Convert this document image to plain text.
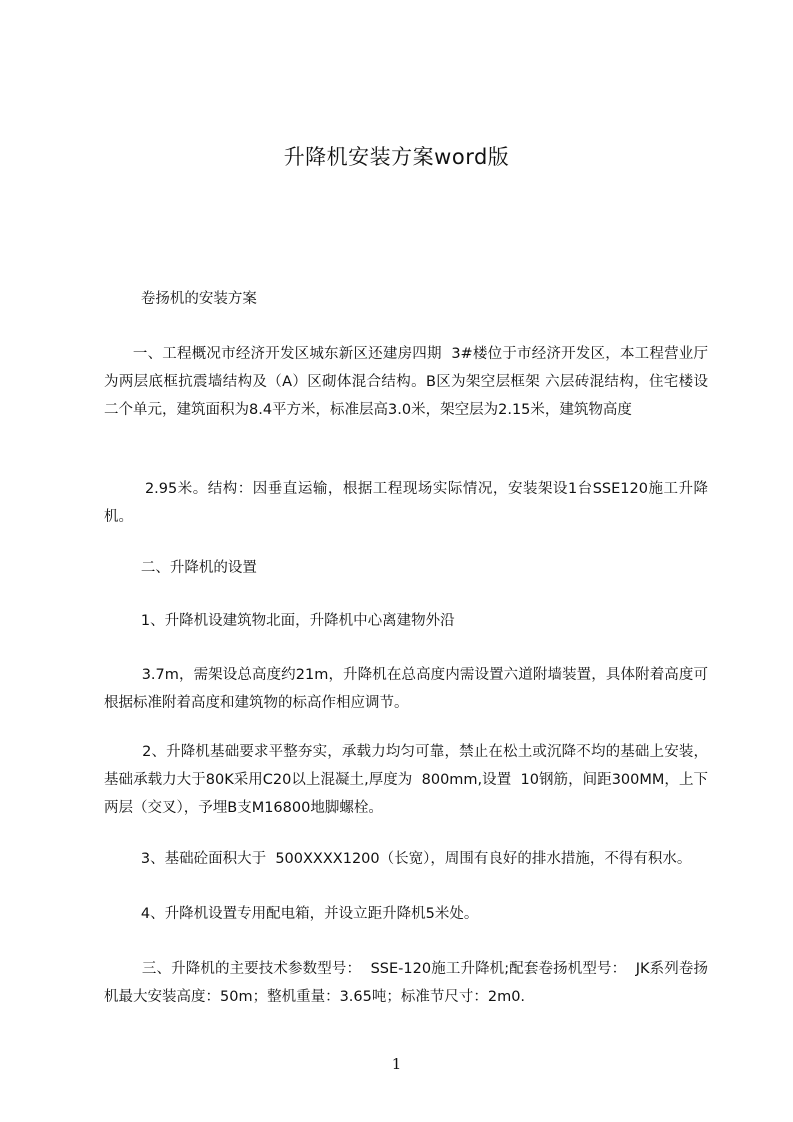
升降机安装方案word版

卷扬机的安装方案

一、工程概况市经济开发区城东新区还建房四期  3#楼位于市经济开发区，本工程营业厅为两层底框抗震墙结构及（A）区砌体混合结构。B区为架空层框架 六层砖混结构，住宅楼设二个单元，建筑面积为8.4平方米，标准层高3.0米，架空层为2.15米，建筑物高度

2.95米。结构：因垂直运输，根据工程现场实际情况，安装架设1台SSE120施工升降机。

二、升降机的设置

1、升降机设建筑物北面，升降机中心离建物外沿

3.7m，需架设总高度约21m，升降机在总高度内需设置六道附墙装置，具体附着高度可根据标准附着高度和建筑物的标高作相应调节。

2、升降机基础要求平整夯实，承载力均匀可靠，禁止在松土或沉降不均的基础上安装，基础承载力大于80K采用C20以上混凝土,厚度为  800mm,设置  10钢筋，间距300MM，上下两层（交叉），予埋B支M16800地脚螺栓。

3、基础砼面积大于  500XXXX1200（长宽），周围有良好的排水措施，不得有积水。

4、升降机设置专用配电箱，并设立距升降机5米处。

三、升降机的主要技术参数型号：  SSE-120施工升降机;配套卷扬机型号：  JK系列卷扬机最大安装高度：50m；整机重量：3.65吨；标准节尺寸：2m0.

1
